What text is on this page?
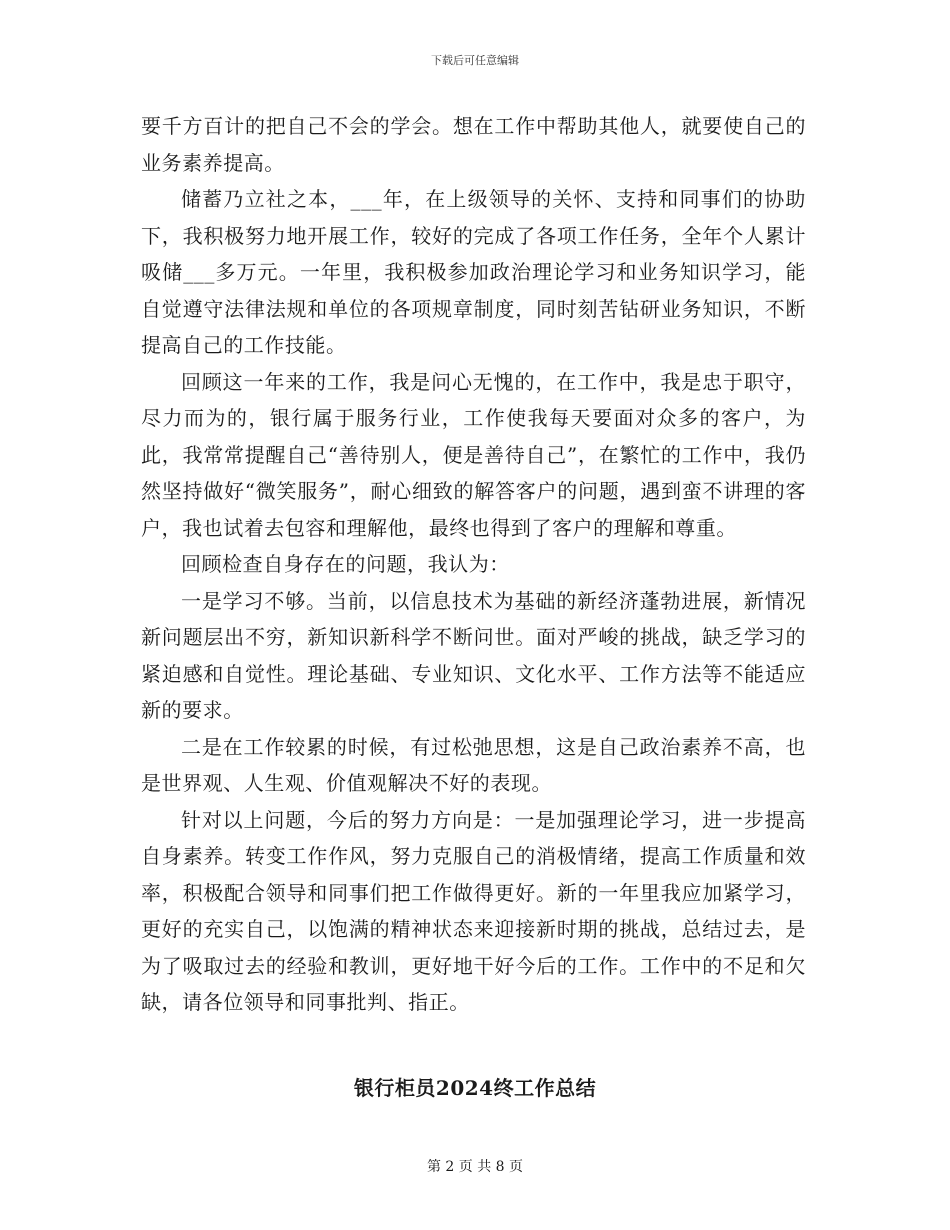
下载后可任意编辑

要千方百计的把自己不会的学会。想在工作中帮助其他人，就要使自己的业务素养提高。

储蓄乃立社之本，___年，在上级领导的关怀、支持和同事们的协助下，我积极努力地开展工作，较好的完成了各项工作任务，全年个人累计吸储___多万元。一年里，我积极参加政治理论学习和业务知识学习，能自觉遵守法律法规和单位的各项规章制度，同时刻苦钻研业务知识，不断提高自己的工作技能。

回顾这一年来的工作，我是问心无愧的，在工作中，我是忠于职守，尽力而为的，银行属于服务行业，工作使我每天要面对众多的客户，为此，我常常提醒自己“善待别人，便是善待自己”，在繁忙的工作中，我仍然坚持做好“微笑服务”，耐心细致的解答客户的问题，遇到蛮不讲理的客户，我也试着去包容和理解他，最终也得到了客户的理解和尊重。

回顾检查自身存在的问题，我认为：

一是学习不够。当前，以信息技术为基础的新经济蓬勃进展，新情况新问题层出不穷，新知识新科学不断问世。面对严峻的挑战，缺乏学习的紧迫感和自觉性。理论基础、专业知识、文化水平、工作方法等不能适应新的要求。

二是在工作较累的时候，有过松弛思想，这是自己政治素养不高，也是世界观、人生观、价值观解决不好的表现。

针对以上问题，今后的努力方向是：一是加强理论学习，进一步提高自身素养。转变工作作风，努力克服自己的消极情绪，提高工作质量和效率，积极配合领导和同事们把工作做得更好。新的一年里我应加紧学习，更好的充实自己，以饱满的精神状态来迎接新时期的挑战，总结过去，是为了吸取过去的经验和教训，更好地干好今后的工作。工作中的不足和欠缺，请各位领导和同事批判、指正。

银行柜员2024终工作总结
第 2 页 共 8 页
